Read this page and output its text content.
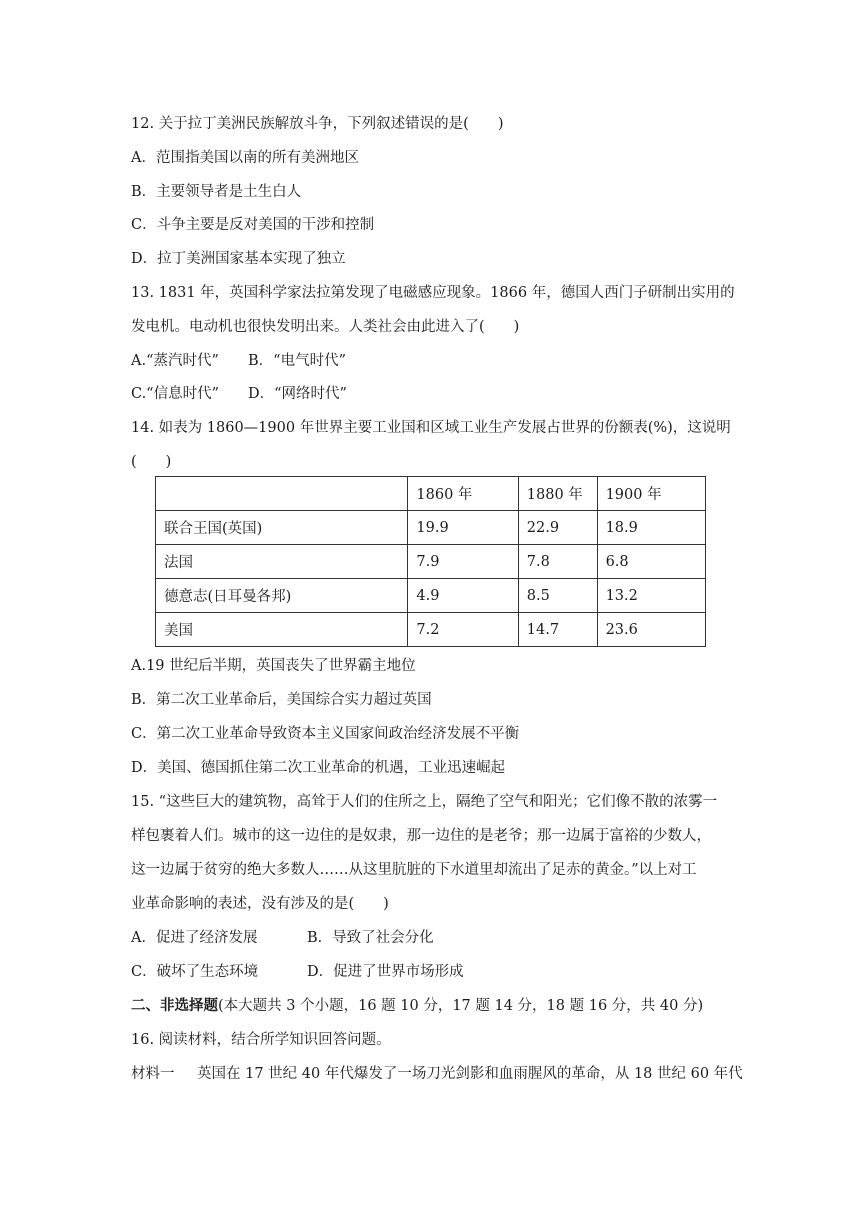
12. 关于拉丁美洲民族解放斗争，下列叙述错误的是(　　)
A．范围指美国以南的所有美洲地区
B．主要领导者是土生白人
C．斗争主要是反对美国的干涉和控制
D．拉丁美洲国家基本实现了独立
13. 1831 年，英国科学家法拉第发现了电磁感应现象。1866 年，德国人西门子研制出实用的
发电机。电动机也很快发明出来。人类社会由此进入了(　　)
A.“蒸汽时代” B．“电气时代”
C.“信息时代” D．“网络时代”
14. 如表为 1860—1900 年世界主要工业国和区域工业生产发展占世界的份额表(%)，这说明
(　　)
	1860 年	1880 年	1900 年
联合王国(英国)	19.9	22.9	18.9
法国	7.9	7.8	6.8
德意志(日耳曼各邦)	4.9	8.5	13.2
美国	7.2	14.7	23.6
A.19 世纪后半期，英国丧失了世界霸主地位
B．第二次工业革命后，美国综合实力超过英国
C．第二次工业革命导致资本主义国家间政治经济发展不平衡
D．美国、德国抓住第二次工业革命的机遇，工业迅速崛起
15. “这些巨大的建筑物，高耸于人们的住所之上，隔绝了空气和阳光；它们像不散的浓雾一
样包裹着人们。城市的这一边住的是奴隶，那一边住的是老爷；那一边属于富裕的少数人，
这一边属于贫穷的绝大多数人……从这里肮脏的下水道里却流出了足赤的黄金。”以上对工
业革命影响的表述，没有涉及的是(　　)
A．促进了经济发展	B．导致了社会分化
C．破坏了生态环境	D．促进了世界市场形成
二、非选择题(本大题共 3 个小题，16 题 10 分，17 题 14 分，18 题 16 分，共 40 分)
16. 阅读材料，结合所学知识回答问题。
材料一 英国在 17 世纪 40 年代爆发了一场刀光剑影和血雨腥风的革命，从 18 世纪 60 年代
